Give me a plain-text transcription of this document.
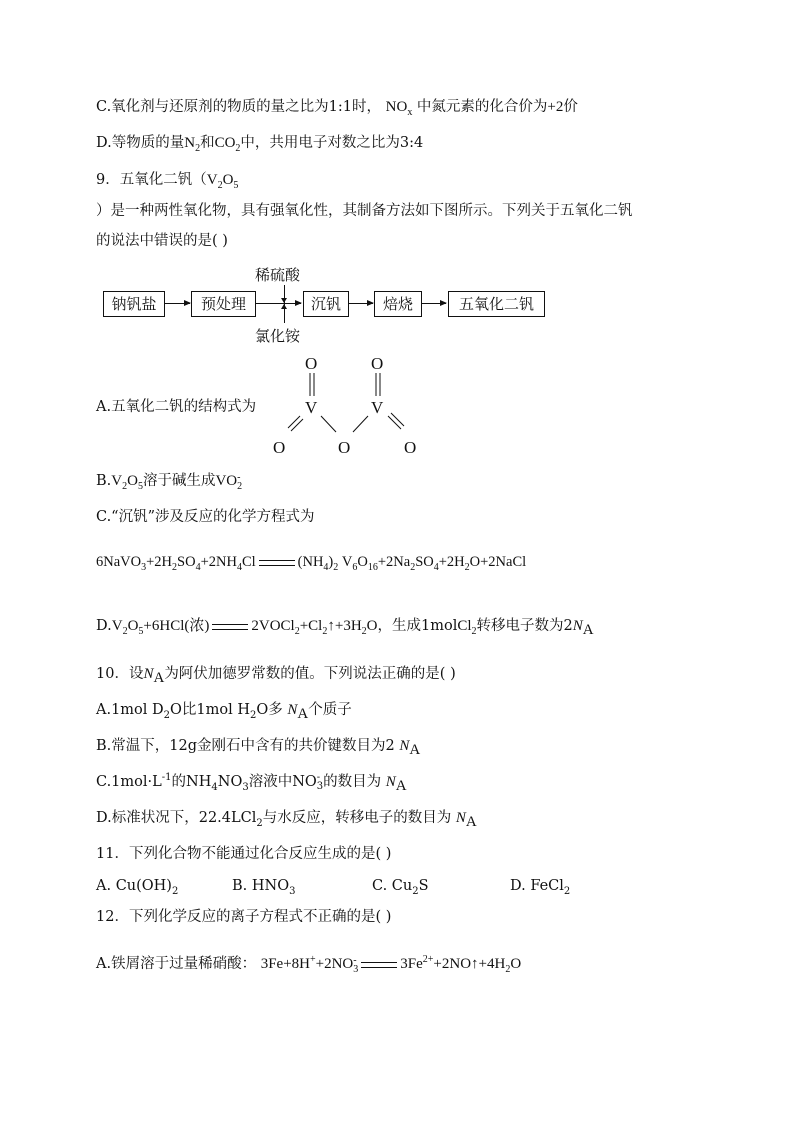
C.氧化剂与还原剂的物质的量之比为1:1时， $NO_x$ 中氮元素的化合价为+2价
D.等物质的量$N_2$和$CO_2$中，共用电子对数之比为3:4
9．五氧化二钒（$V_2O_5$
）是一种两性氧化物，具有强氧化性，其制备方法如下图所示。下列关于五氧化二钒
的说法中错误的是( )
稀硫酸
钠钒盐	预处理	沉钒	焙烧	五氧化二钒
氯化铵
A.五氧化二钒的结构式为
O	O
V	V
O	O	O
$B.V_2O_5$溶于碱生成VO -
2
C.“沉钒”涉及反应的化学方程式为
$6NaVO_3+2H_2SO_4+2NH_4Cl$	$(NH_4)_2$ $V_6O_{16}+2Na_2SO_4+2H_2O+2NaCl$
$D.V_2O_5+6HCl$(浓)	$2VOCl_2+Cl_2↑+3H_2O$，生成1molCl$_2$转移电子数为$2N_A$
10．设$N_A$为阿伏加德罗常数的值。下列说法正确的是( )
A.1mol $D_2O$比1mol $H_2O$多 $N_A$个质子
B.常温下，12g金刚石中含有的共价键数目为2 $N_A$
$C.1mol\cdot L^{-1}$的$NH_4NO_3$溶液中NO -
3 的数目为 $N_A$
D.标准状况下，22.4LCl$_2$与水反应，转移电子的数目为 $N_A$
11．下列化合物不能通过化合反应生成的是( )
A. $Cu(OH)_2$	B. $HNO_3$	C. $Cu_2S$	D. FeCl$_2$
12．下列化学反应的离子方程式不正确的是( )
A.铁屑溶于过量稀硝酸： 3Fe+8H++2NO -
3	$3Fe^{2+}+2NO↑+4H_2O$
